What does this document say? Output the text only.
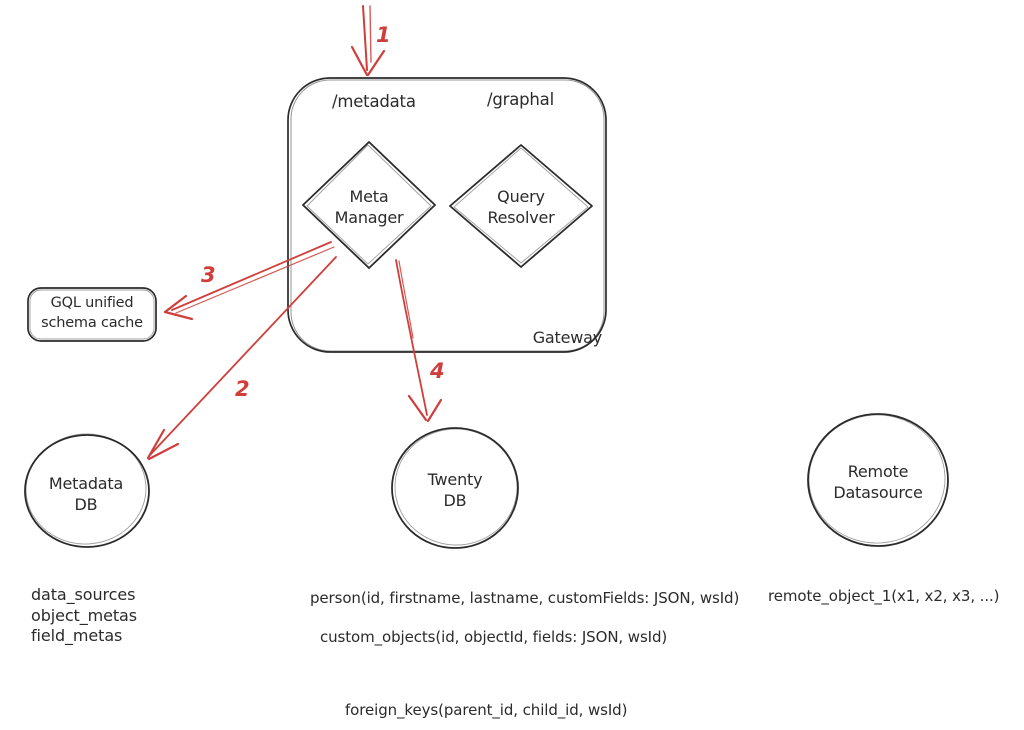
/metadata	/graphal
Gateway
Meta
Manager
Query
Resolver
GQL unified
schema cache
Metadata
DB
Twenty
DB
Remote
Datasource
1
3
2
4
data_sources
object_metas
field_metas
person(id, firstname, lastname, customFields: JSON, wsId)
custom_objects(id, objectId, fields: JSON, wsId)
remote_object_1(x1, x2, x3, ...)
foreign_keys(parent_id, child_id, wsId)
